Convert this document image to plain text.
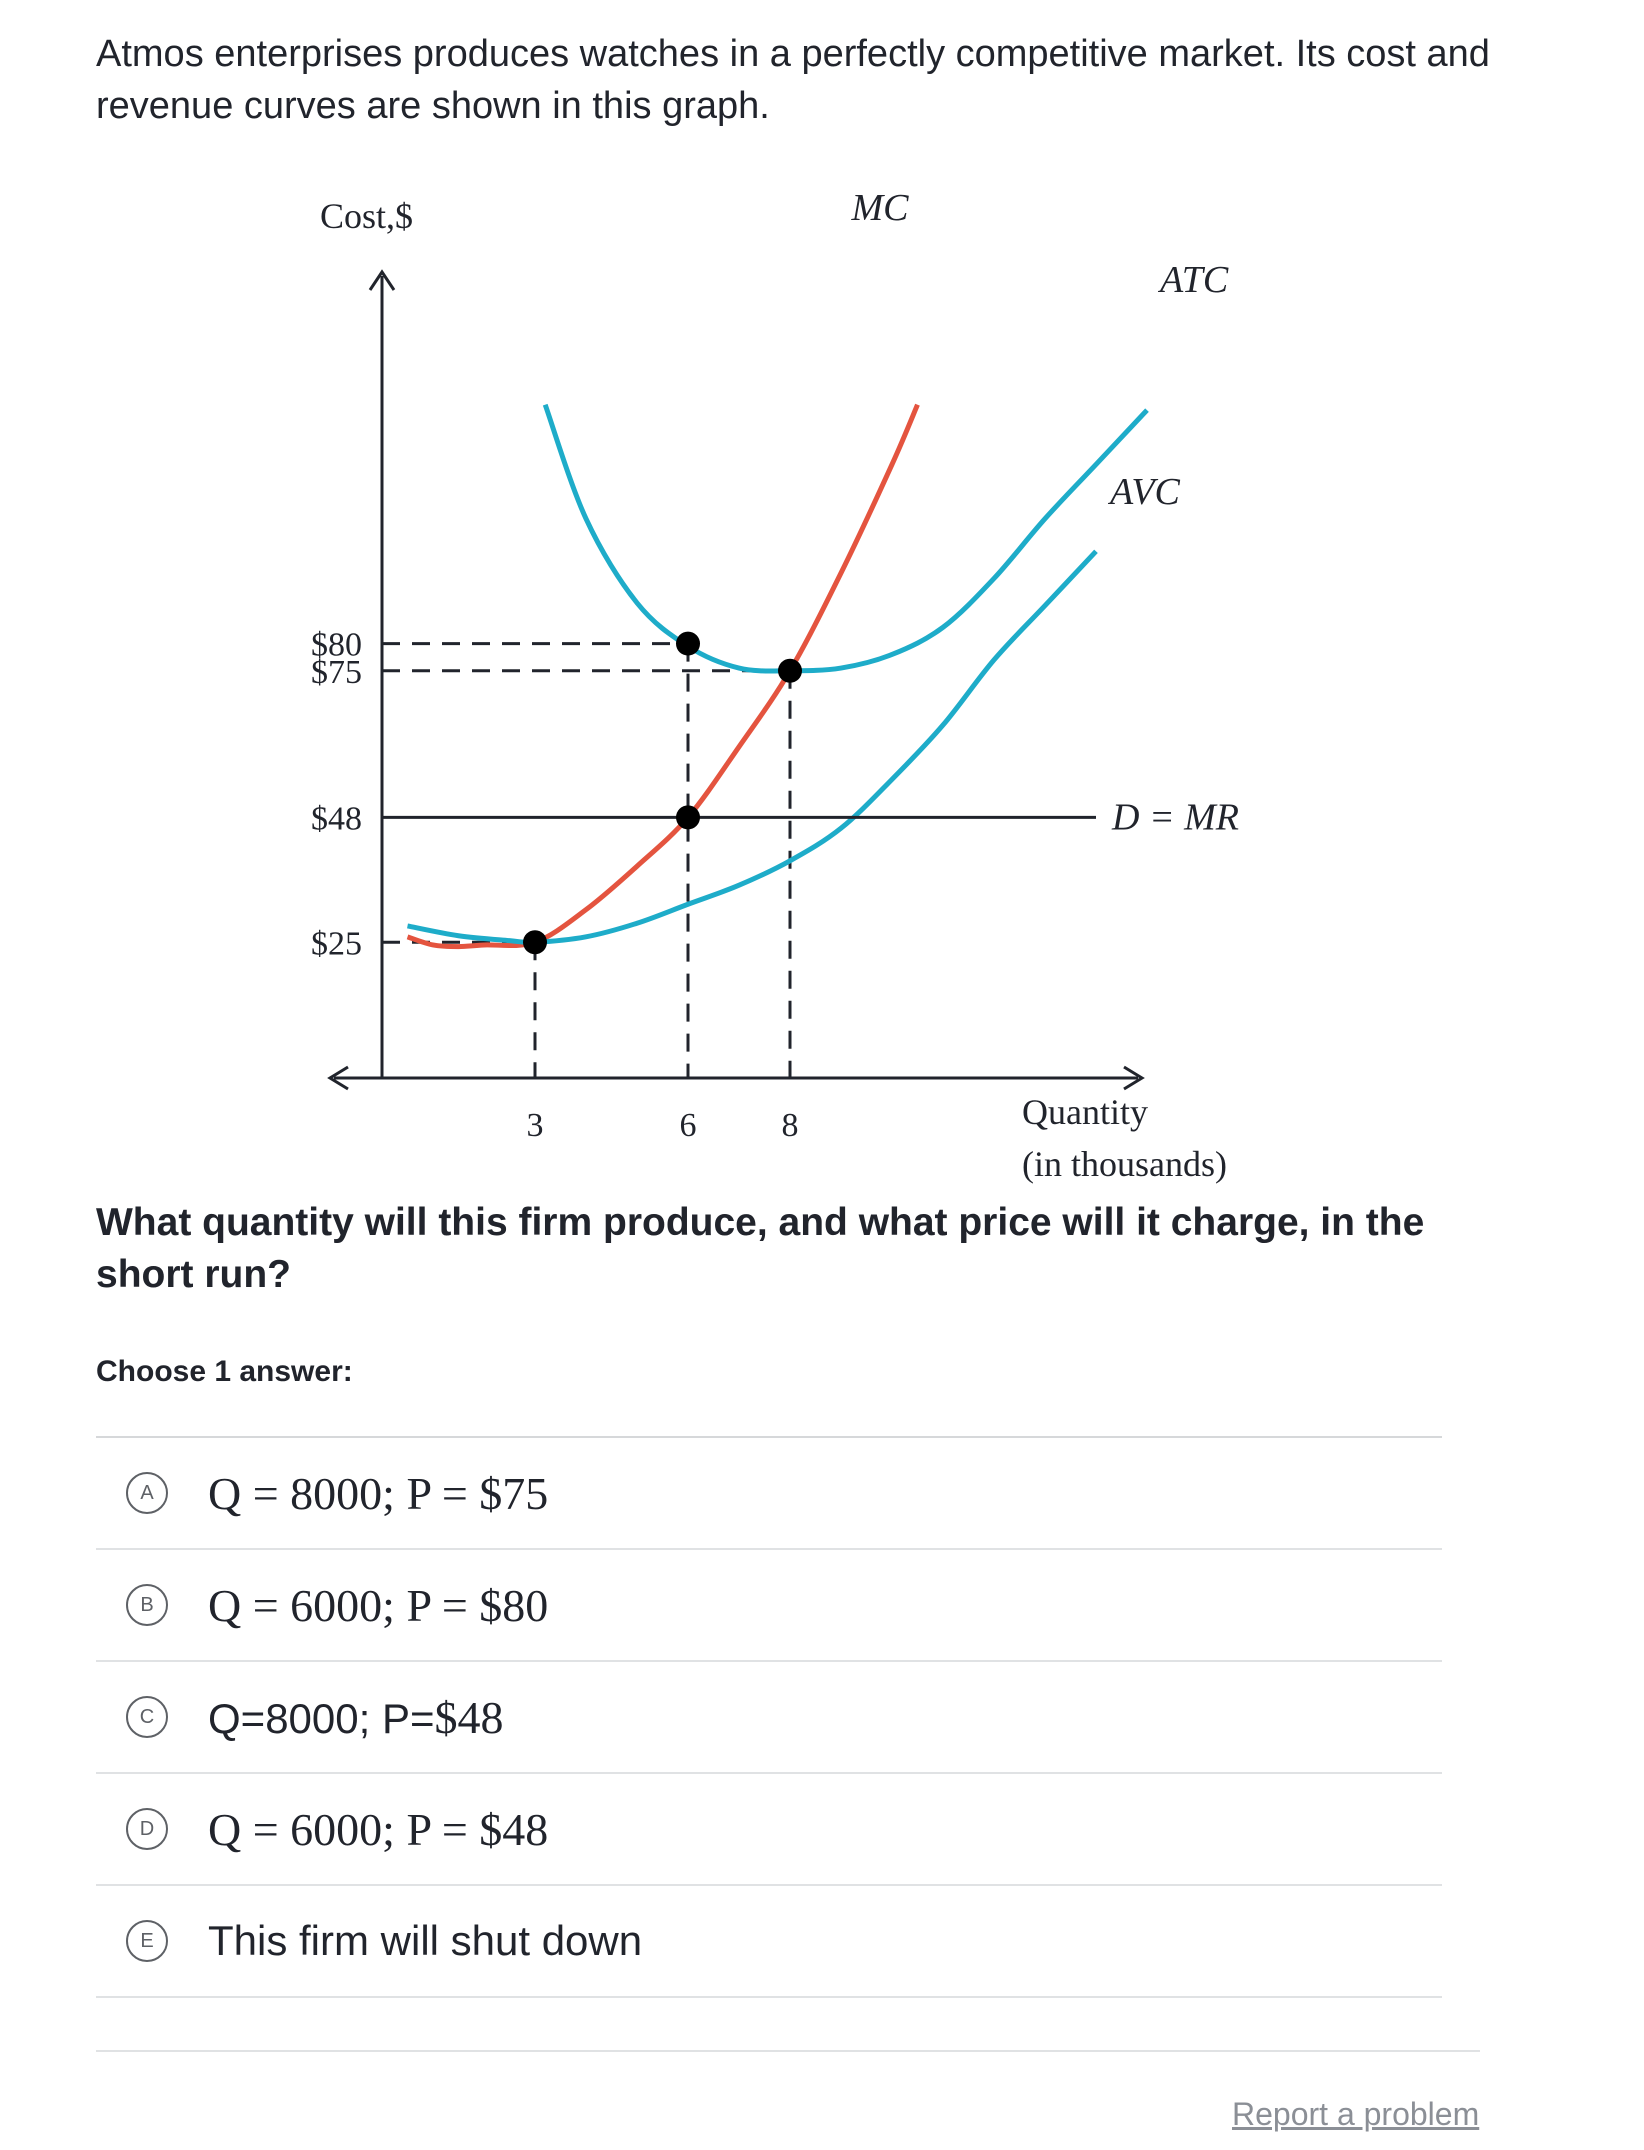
Atmos enterprises produces watches in a perfectly competitive market. Its cost and revenue curves are shown in this graph.

Cost,$
Quantity
(in thousands)
$80
$75
$48
$25
3	6	8
MC
ATC
AVC
D = MR

What quantity will this firm produce, and what price will it charge, in the short run?

Choose 1 answer:

A	Q = 8000; P = $75
B	Q = 6000; P = $80
C	Q=8000; P=$48
D Q = 6000; P = $48
E	This firm will shut down
Report a problem
